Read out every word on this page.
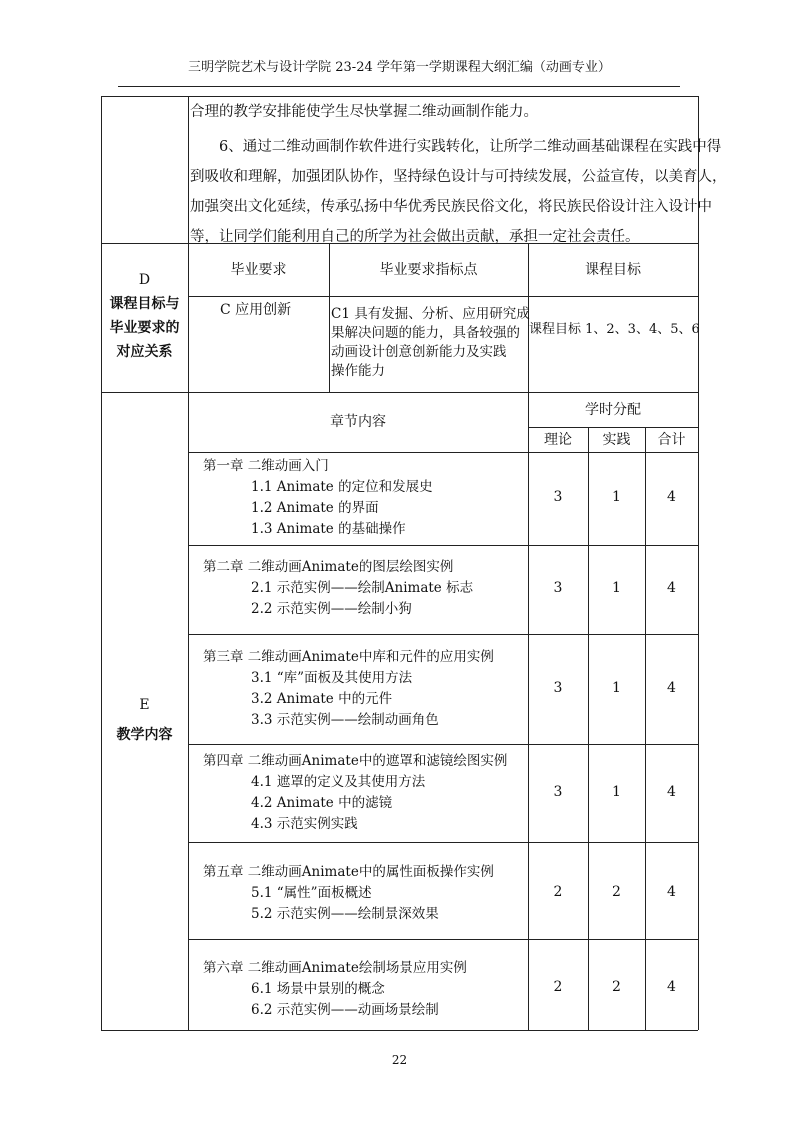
三明学院艺术与设计学院 23-24 学年第一学期课程大纲汇编（动画专业）
合理的教学安排能使学生尽快掌握二维动画制作能力。
6、通过二维动画制作软件进行实践转化，让所学二维动画基础课程在实践中得
到吸收和理解，加强团队协作，坚持绿色设计与可持续发展，公益宣传，以美育人，
加强突出文化延续，传承弘扬中华优秀民族民俗文化，将民族民俗设计注入设计中
等，让同学们能利用自己的所学为社会做出贡献，承担一定社会责任。
D
课程目标与
毕业要求的
对应关系
毕业要求	毕业要求指标点	课程目标
C 应用创新	C1 具有发掘、分析、应用研究成
果解决问题的能力，具备较强的
动画设计创意创新能力及实践
操作能力
课程目标 1、2、3、4、5、6
E
教学内容
章节内容
学时分配
理论	实践	合计
第一章 二维动画入门
1.1 Animate 的定位和发展史
1.2 Animate 的界面
1.3 Animate 的基础操作
3	1	4
第二章 二维动画Animate的图层绘图实例
2.1 示范实例——绘制Animate 标志
2.2 示范实例——绘制小狗
3	1	4
第三章 二维动画Animate中库和元件的应用实例
3.1 “库”面板及其使用方法
3.2 Animate 中的元件
3.3 示范实例——绘制动画角色
3	1	4
第四章 二维动画Animate中的遮罩和滤镜绘图实例
4.1 遮罩的定义及其使用方法
4.2 Animate 中的滤镜
4.3 示范实例实践
3	1	4
第五章 二维动画Animate中的属性面板操作实例
5.1 “属性”面板概述
5.2 示范实例——绘制景深效果
2	2	4
第六章 二维动画Animate绘制场景应用实例
6.1 场景中景别的概念
6.2 示范实例——动画场景绘制
2	2	4
22
